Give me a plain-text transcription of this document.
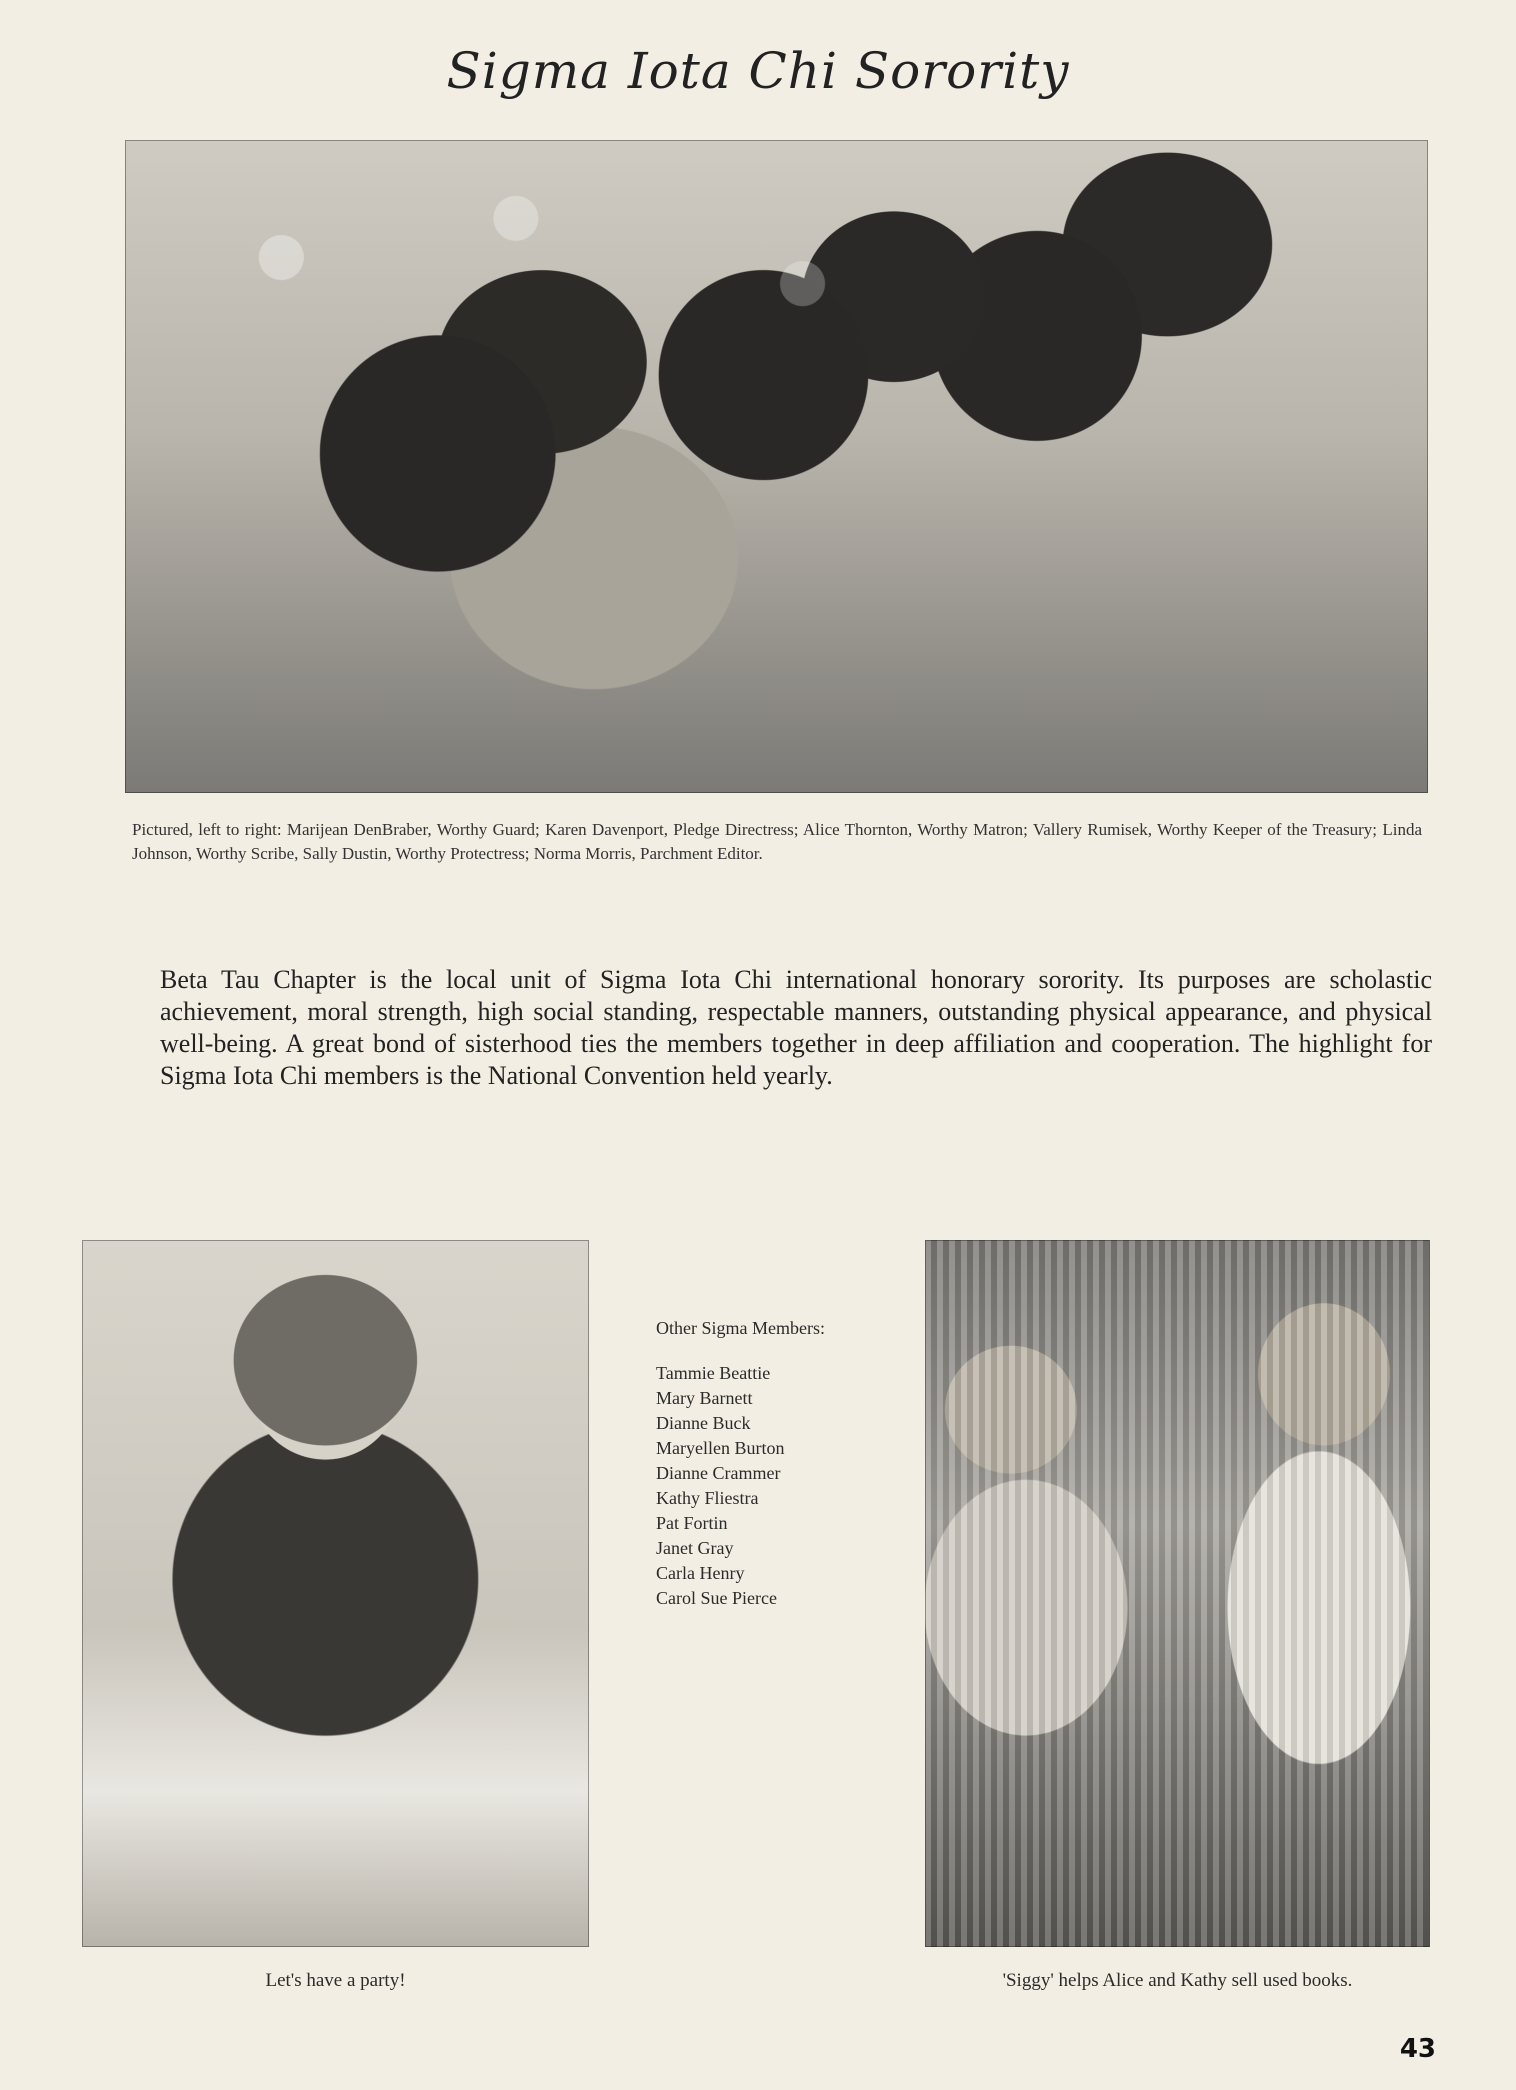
Sigma Iota Chi Sorority
Pictured, left to right: Marijean DenBraber, Worthy Guard; Karen Davenport, Pledge Directress; Alice Thornton, Worthy Matron; Vallery Rumisek, Worthy Keeper of the Treasury; Linda Johnson, Worthy Scribe, Sally Dustin, Worthy Protectress; Norma Morris, Parchment Editor.
Beta Tau Chapter is the local unit of Sigma Iota Chi international honorary sorority. Its purposes are scholastic achievement, moral strength, high social standing, respectable manners, outstanding physical appearance, and physical well-being. A great bond of sisterhood ties the members together in deep affiliation and cooperation. The highlight for Sigma Iota Chi members is the National Convention held yearly.
Other Sigma Members:
Tammie Beattie
Mary Barnett
Dianne Buck
Maryellen Burton
Dianne Crammer
Kathy Fliestra
Pat Fortin
Janet Gray
Carla Henry
Carol Sue Pierce
Let's have a party!	'Siggy' helps Alice and Kathy sell used books.
43
